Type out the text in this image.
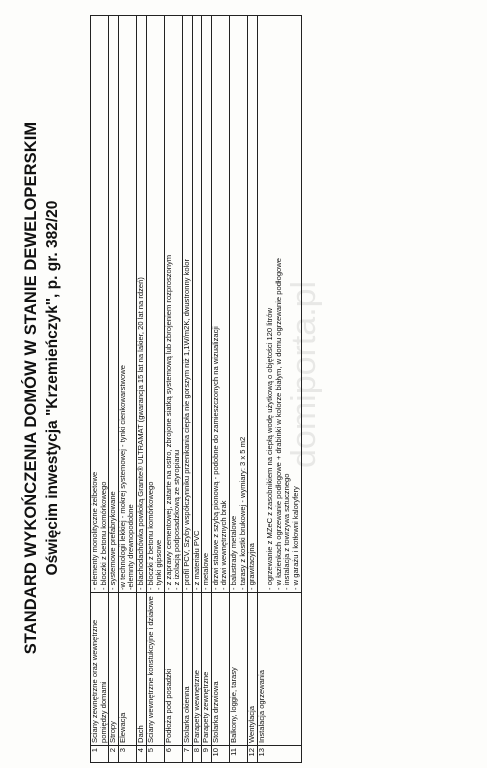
STANDARD WYKOŃCZENIA DOMÓW W STANIE DEWELOPERSKIM Oświęcim inwestycja "Krzemieńczyk", p. gr. 382/20	domiporta.pl
1	Ściany zewnętrzne oraz wewnętrzne pomiędzy domami	- elementy monolityczne żelbetowe - bloczki z betonu komórkowego

2	Stropy	- systemowe prefabrykowane

3	Elewacja	-w technologii lekkiej - mokrej systemowej - tynki cienkowarstwowe -elemnty drewnopodobne

4	Dach	- blachodachówka powłoką Granite® ULTRAMAT (gwarancja 15 lat na lakier, 20 lat na rdzeń)

5	Ściany wewnętrzne konstukcyjne i działowe	- bloczki z betonu komórkowego - tynki gipsowe

6	Podłoża pod posadzki	- z zaprawy cementowej, zatarte na ostro, zbrojone siatką systemową lub zbrojeniem rozproszonym - z izolacją podposadzkową ze styropianu

7	Stolarka okienna	- profil PCV, Szyby współczynniku przenikania ciepła nie gorszym niż 1,1W/m2K, dwustronny kolor

8	Parapety wewnętrzne	- z materiału PVC

9	Parapety zewnętrzne	- metalowe

10	Stolarka drzwiowa	- drzwi stalowe z szybą pionową - podobne do zamieszczonych na wizualizacji - drzwi wewnętrznych brak

11	Balkony, loggie, tarasy	- balustrady metalowe - tarasy z kostki brukowej - wymiary: 3 x 5 m2

12	Wentylacja	- grawitacyjna

13	Instalacja ogrzewania	- ogrzewanie z MZeC z zasobnikiem na ciepłą wodę użytkową o objętości 120 litrów - w łazienkach ogrzewanie podłogowe + drabinki w kolorze białym, w domu ogrzewanie podłogowe - instalacja z towrzywa sztucznego - w garażu i kotłowni kaloryfery
